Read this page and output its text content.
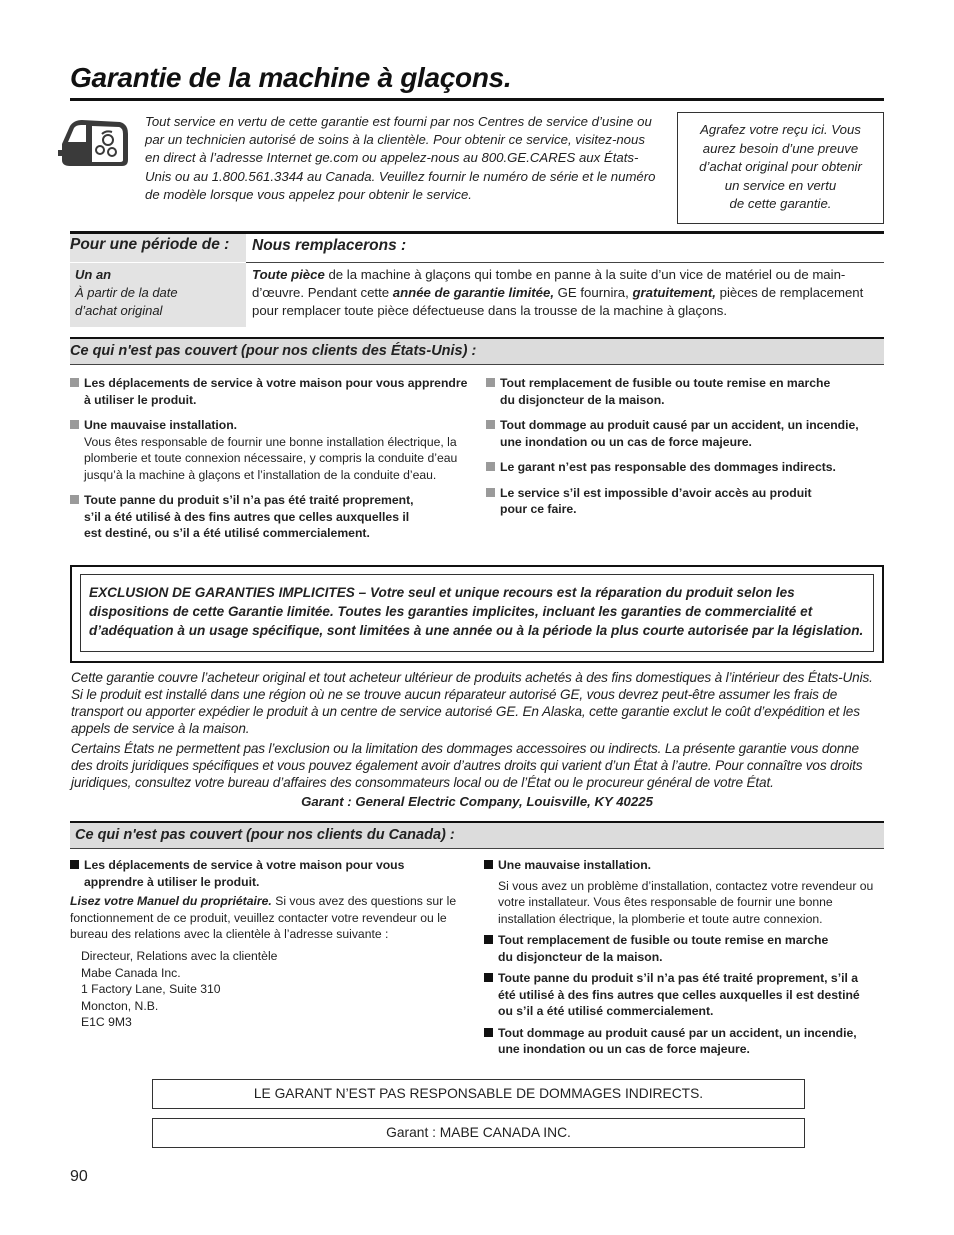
Garantie de la machine à glaçons.
Tout service en vertu de cette garantie est fourni par nos Centres de service d’usine ou par un technicien autorisé de soins à la clientèle. Pour obtenir ce service, visitez-nous en direct à l’adresse Internet ge.com ou appelez-nous au 800.GE.CARES aux États-Unis ou au 1.800.561.3344 au Canada. Veuillez fournir le numéro de série et le numéro de modèle lorsque vous appelez pour obtenir le service.
Agrafez votre reçu ici. Vous
aurez besoin d’une preuve
d’achat original pour obtenir
un service en vertu
de cette garantie.
Pour une période de :	Nous remplacerons :
Un an
À partir de la date
d’achat original
Toute pièce de la machine à glaçons qui tombe en panne à la suite d’un vice de matériel ou de main-d’œuvre. Pendant cette année de garantie limitée, GE fournira, gratuitement, pièces de remplacement pour remplacer toute pièce défectueuse dans la trousse de la machine à glaçons.
Ce qui n'est pas couvert (pour nos clients des États-Unis) :
Les déplacements de service à votre maison pour vous apprendre à utiliser le produit.
Une mauvaise installation.
Vous êtes responsable de fournir une bonne installation électrique, la plomberie et toute connexion nécessaire, y compris la conduite d’eau jusqu’à la machine à glaçons et l’installation de la conduite d’eau.
Toute panne du produit s’il n’a pas été traité proprement, s’il a été utilisé à des fins autres que celles auxquelles il est destiné, ou s’il a été utilisé commercialement.
Tout remplacement de fusible ou toute remise en marche du disjoncteur de la maison.
Tout dommage au produit causé par un accident, un incendie, une inondation ou un cas de force majeure.
Le garant n’est pas responsable des dommages indirects.
Le service s’il est impossible d’avoir accès au produit pour ce faire.
EXCLUSION DE GARANTIES IMPLICITES – Votre seul et unique recours est la réparation du produit selon les dispositions de cette Garantie limitée. Toutes les garanties implicites, incluant les garanties de commercialité et d’adéquation à un usage spécifique, sont limitées à une année ou à la période la plus courte autorisée par la législation.
Cette garantie couvre l’acheteur original et tout acheteur ultérieur de produits achetés à des fins domestiques à l’intérieur des États-Unis. Si le produit est installé dans une région où ne se trouve aucun réparateur autorisé GE, vous devrez peut-être assumer les frais de transport ou apporter expédier le produit à un centre de service autorisé GE. En Alaska, cette garantie exclut le coût d’expédition et les appels de service à la maison.
Certains États ne permettent pas l’exclusion ou la limitation des dommages accessoires ou indirects. La présente garantie vous donne des droits juridiques spécifiques et vous pouvez également avoir d’autres droits qui varient d’un État à l’autre. Pour connaître vos droits juridiques, consultez votre bureau d’affaires des consommateurs local ou de l’État ou le procureur général de votre État.
Garant : General Electric Company, Louisville, KY 40225
Ce qui n'est pas couvert (pour nos clients du Canada) :
Les déplacements de service à votre maison pour vous apprendre à utiliser le produit.
Lisez votre Manuel du propriétaire. Si vous avez des questions sur le fonctionnement de ce produit, veuillez contacter votre revendeur ou le bureau des relations avec la clientèle à l’adresse suivante :
Directeur, Relations avec la clientèle
Mabe Canada Inc.
1 Factory Lane, Suite 310
Moncton, N.B.
E1C 9M3
Une mauvaise installation.
Si vous avez un problème d’installation, contactez votre revendeur ou votre installateur. Vous êtes responsable de fournir une bonne installation électrique, la plomberie et toute autre connexion.
Tout remplacement de fusible ou toute remise en marche du disjoncteur de la maison.
Toute panne du produit s’il n’a pas été traité proprement, s’il a été utilisé à des fins autres que celles auxquelles il est destiné ou s’il a été utilisé commercialement.
Tout dommage au produit causé par un accident, un incendie, une inondation ou un cas de force majeure.
LE GARANT N’EST PAS RESPONSABLE DE DOMMAGES INDIRECTS.
Garant : MABE CANADA INC.
90
